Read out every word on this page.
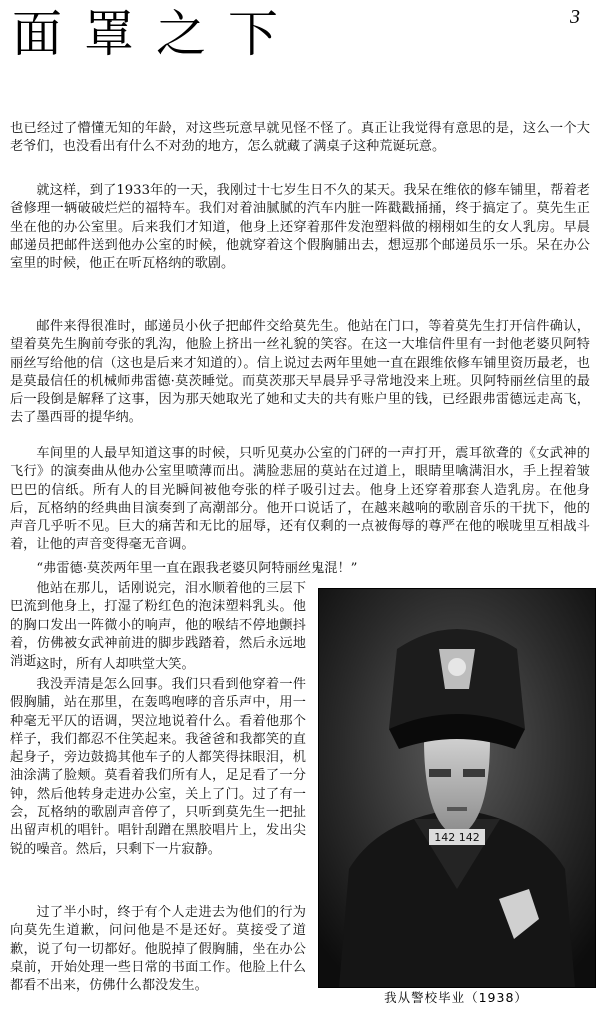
面罩之下	3

也已经过了懵懂无知的年龄，对这些玩意早就见怪不怪了。真正让我觉得有意思的是，这么一个大老爷们，也没看出有什么不对劲的地方，怎么就藏了满桌子这种荒诞玩意。

就这样，到了1933年的一天，我刚过十七岁生日不久的某天。我呆在维依的修车铺里，帮着老爸修理一辆破破烂烂的福特车。我们对着油腻腻的汽车内脏一阵戳戳捅捅，终于搞定了。莫先生正坐在他的办公室里。后来我们才知道，他身上还穿着那件发泡塑料做的栩栩如生的女人乳房。早晨邮递员把邮件送到他办公室的时候，他就穿着这个假胸脯出去，想逗那个邮递员乐一乐。呆在办公室里的时候，他正在听瓦格纳的歌剧。

邮件来得很准时，邮递员小伙子把邮件交给莫先生。他站在门口，等着莫先生打开信件确认，望着莫先生胸前夸张的乳沟，他脸上挤出一丝礼貌的笑容。在这一大堆信件里有一封他老婆贝阿特丽丝写给他的信（这也是后来才知道的）。信上说过去两年里她一直在跟维依修车铺里资历最老，也是莫最信任的机械师弗雷德·莫茨睡觉。而莫茨那天早晨异乎寻常地没来上班。贝阿特丽丝信里的最后一段倒是解释了这事，因为那天她取光了她和丈夫的共有账户里的钱，已经跟弗雷德远走高飞，去了墨西哥的提华纳。

车间里的人最早知道这事的时候，只听见莫办公室的门砰的一声打开，震耳欲聋的《女武神的飞行》的演奏曲从他办公室里喷薄而出。满脸悲屈的莫站在过道上，眼睛里噙满泪水，手上捏着皱巴巴的信纸。所有人的目光瞬间被他夸张的样子吸引过去。他身上还穿着那套人造乳房。在他身后，瓦格纳的经典曲目演奏到了高潮部分。他开口说话了，在越来越响的歌剧音乐的干扰下，他的声音几乎听不见。巨大的痛苦和无比的屈辱，还有仅剩的一点被侮辱的尊严在他的喉咙里互相战斗着，让他的声音变得毫无音调。

“弗雷德·莫茨两年里一直在跟我老婆贝阿特丽丝鬼混！”

他站在那儿，话刚说完，泪水顺着他的三层下巴流到他身上，打湿了粉红色的泡沫塑料乳头。他的胸口发出一阵微小的响声，他的喉结不停地颤抖着，仿佛被女武神前进的脚步践踏着，然后永远地消逝。

这时，所有人却哄堂大笑。

我没弄清是怎么回事。我们只看到他穿着一件假胸脯，站在那里，在轰鸣咆哮的音乐声中，用一种毫无平仄的语调，哭泣地说着什么。看着他那个样子，我们都忍不住笑起来。我爸爸和我都笑的直起身子，旁边鼓捣其他车子的人都笑得抹眼泪，机油涂满了脸颊。莫看着我们所有人，足足看了一分钟，然后他转身走进办公室，关上了门。过了有一会，瓦格纳的歌剧声音停了，只听到莫先生一把扯出留声机的唱针。唱针刮蹭在黑胶唱片上，发出尖锐的噪音。然后，只剩下一片寂静。

过了半小时，终于有个人走进去为他们的行为向莫先生道歉，问问他是不是还好。莫接受了道歉，说了句一切都好。他脱掉了假胸脯，坐在办公桌前，开始处理一些日常的书面工作。他脸上什么都看不出来，仿佛什么都没发生。

142 142
我从警校毕业（1938）
